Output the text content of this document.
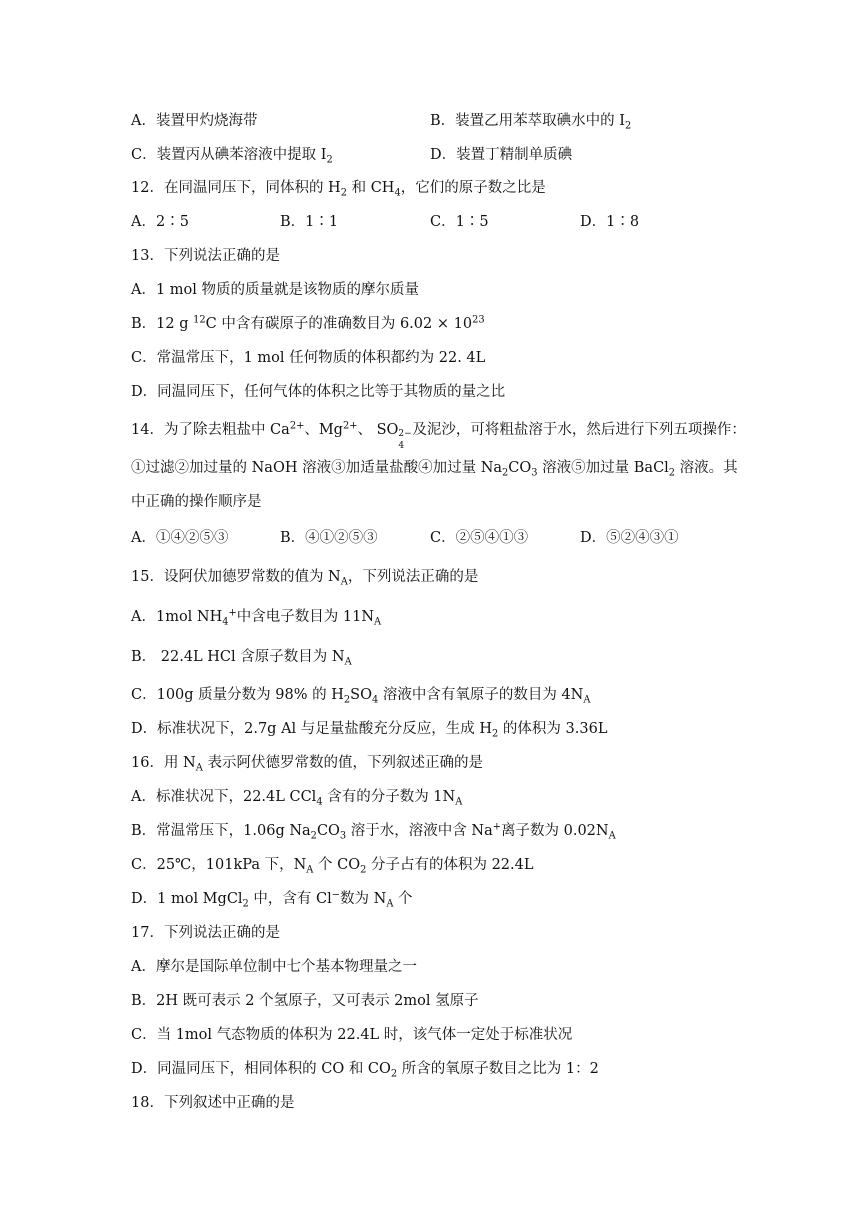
A．装置甲灼烧海带	B．装置乙用苯萃取碘水中的 $I_2$
C．装置丙从碘苯溶液中提取 $I_2$	D．装置丁精制单质碘
12．在同温同压下，同体积的 $H_2$ 和 $CH_4$，它们的原子数之比是
A．2∶5	B．1∶1	C．1∶5	D．1∶8
13．下列说法正确的是
A．1 mol 物质的质量就是该物质的摩尔质量
B．12 g $^{12}$C 中含有碳原子的准确数目为 $6.02 \times 10^{23}$
C．常温常压下，1 mol 任何物质的体积都约为 22. 4L
D．同温同压下，任何气体的体积之比等于其物质的量之比
14．为了除去粗盐中 $Ca^{2+}$、$Mg^{2+}$、 SO 2−
4
及泥沙，可将粗盐溶于水，然后进行下列五项操作：
①过滤②加过量的 NaOH 溶液③加适量盐酸④加过量 $Na_2CO_3$ 溶液⑤加过量 BaCl$_2$ 溶液。其
中正确的操作顺序是
A．①④②⑤③	B．④①②⑤③	C．②⑤④①③	D．⑤②④③①
15．设阿伏加德罗常数的值为 $N_A$，下列说法正确的是
A．1mol $NH_4^+$中含电子数目为 $11N_A$
B． 22.4L HCl 含原子数目为 $N_A$
C．100g 质量分数为 98% 的 $H_2SO_4$ 溶液中含有氧原子的数目为 $4N_A$
D．标准状况下，2.7g Al 与足量盐酸充分反应，生成 $H_2$ 的体积为 3.36L
16．用 $N_A$ 表示阿伏德罗常数的值，下列叙述正确的是
A．标准状况下，22.4L CCl$_4$ 含有的分子数为 $1N_A$
B．常温常压下，1.06g $Na_2CO_3$ 溶于水，溶液中含 Na+离子数为 $0.02N_A$
C．25℃，101kPa 下，$N_A$ 个 $CO_2$ 分子占有的体积为 22.4L
D．1 mol MgCl$_2$ 中，含有 Cl−数为 $N_A$ 个
17．下列说法正确的是
A．摩尔是国际单位制中七个基本物理量之一
B．2H 既可表示 2 个氢原子，又可表示 2mol 氢原子
C．当 1mol 气态物质的体积为 22.4L 时，该气体一定处于标准状况
D．同温同压下，相同体积的 CO 和 $CO_2$ 所含的氧原子数目之比为 1：2
18．下列叙述中正确的是
